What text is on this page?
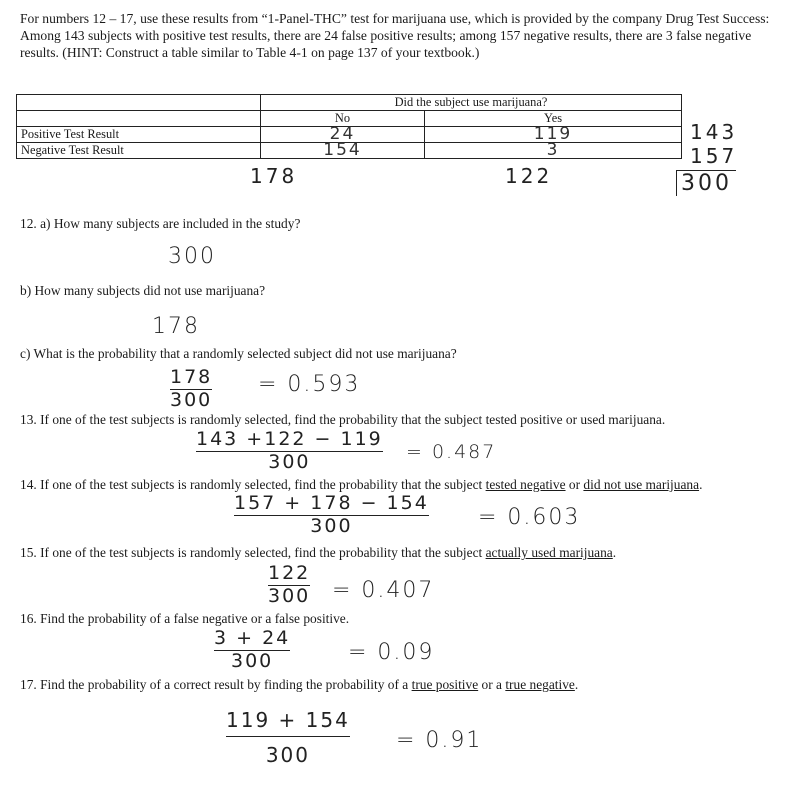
For numbers 12 – 17, use these results from “1-Panel-THC” test for marijuana use, which is provided by the company Drug Test Success: Among 143 subjects with positive test results, there are 24 false positive results; among 157 negative results, there are 3 false negative results. (HINT: Construct a table similar to Table 4-1 on page 137 of your textbook.)
	Did the subject use marijuana?	
	No	Yes
Positive Test Result	24	119
Negative Test Result	154	3
178	122
143
157
300
12. a) How many subjects are included in the study?
300
b) How many subjects did not use marijuana?
178
c) What is the probability that a randomly selected subject did not use marijuana?
178
300
= 0.593
13. If one of the test subjects is randomly selected, find the probability that the subject tested positive or used marijuana.
143 +122 − 119
300	= 0.487
14. If one of the test subjects is randomly selected, find the probability that the subject tested negative or did not use marijuana.
157 + 178 − 154
300	= 0.603
15. If one of the test subjects is randomly selected, find the probability that the subject actually used marijuana.
122
300 = 0.407
16. Find the probability of a false negative or a false positive.
3 + 24
300	= 0.09
17. Find the probability of a correct result by finding the probability of a true positive or a true negative.
119 + 154
300
= 0.91
